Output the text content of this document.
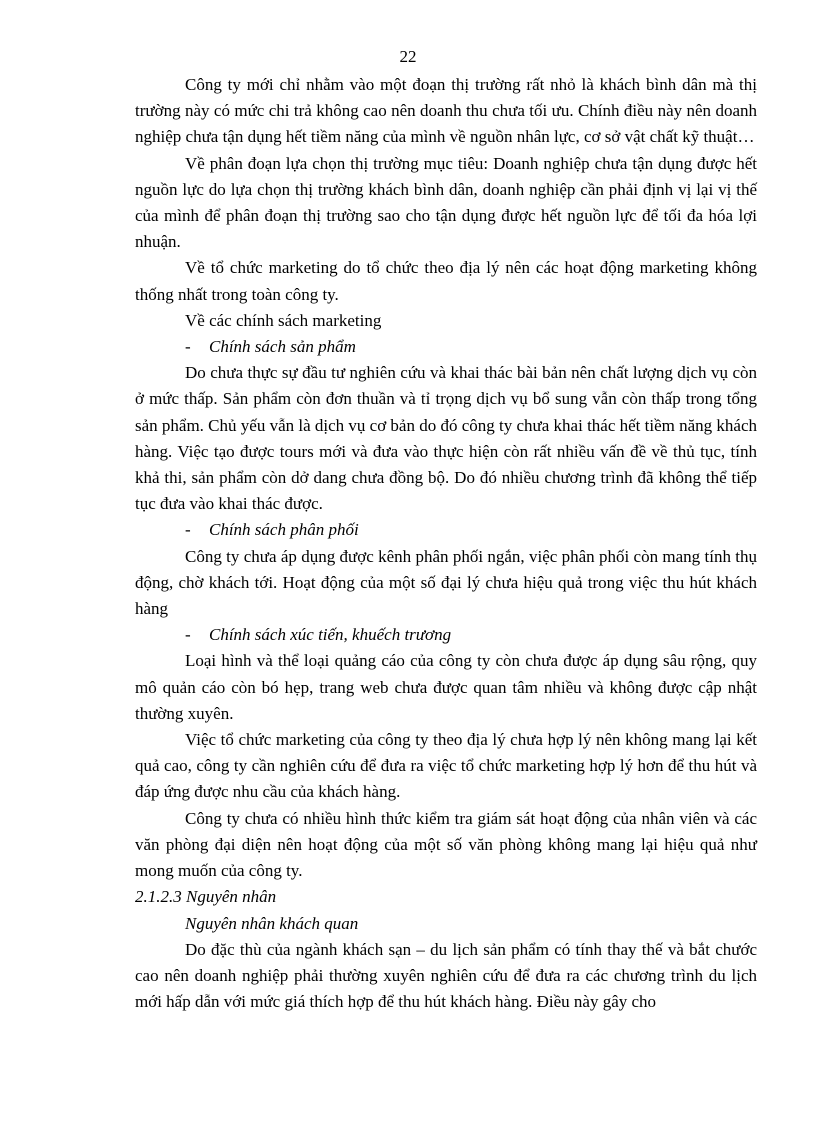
22

Công ty mới chỉ nhằm vào một đoạn thị trường rất nhỏ là khách bình dân mà thị trường này có mức chi trả không cao nên doanh thu chưa tối ưu. Chính điều này nên doanh nghiệp chưa tận dụng hết tiềm năng của mình về nguồn nhân lực, cơ sở vật chất kỹ thuật…

Về phân đoạn lựa chọn thị trường mục tiêu: Doanh nghiệp chưa tận dụng được hết nguồn lực do lựa chọn thị trường khách bình dân, doanh nghiệp cần phải định vị lại vị thế của mình để phân đoạn thị trường sao cho tận dụng được hết nguồn lực để tối đa hóa lợi nhuận.

Về tổ chức marketing do tổ chức theo địa lý nên các hoạt động marketing không thống nhất trong toàn công ty.

Về các chính sách marketing

- Chính sách sản phẩm

Do chưa thực sự đầu tư nghiên cứu và khai thác bài bản nên chất lượng dịch vụ còn ở mức thấp. Sản phẩm còn đơn thuần và tỉ trọng dịch vụ bổ sung vẫn còn thấp trong tổng sản phẩm. Chủ yếu vẫn là dịch vụ cơ bản do đó công ty chưa khai thác hết tiềm năng khách hàng. Việc tạo được tours mới và đưa vào thực hiện còn rất nhiều vấn đề về thủ tục, tính khả thi, sản phẩm còn dở dang chưa đồng bộ. Do đó nhiều chương trình đã không thể tiếp tục đưa vào khai thác được.

- Chính sách phân phối

Công ty chưa áp dụng được kênh phân phối ngắn, việc phân phối còn mang tính thụ động, chờ khách tới. Hoạt động của một số đại lý chưa hiệu quả trong việc thu hút khách hàng

- Chính sách xúc tiến, khuếch trương

Loại hình và thể loại quảng cáo của công ty còn chưa được áp dụng sâu rộng, quy mô quản cáo còn bó hẹp, trang web chưa được quan tâm nhiều và không được cập nhật thường xuyên.

Việc tổ chức marketing của công ty theo địa lý chưa hợp lý nên không mang lại kết quả cao, công ty cần nghiên cứu để đưa ra việc tổ chức marketing hợp lý hơn để thu hút và đáp ứng được nhu cầu của khách hàng.

Công ty chưa có nhiều hình thức kiểm tra giám sát hoạt động của nhân viên và các văn phòng đại diện nên hoạt động của một số văn phòng không mang lại hiệu quả như mong muốn của công ty.

2.1.2.3 Nguyên nhân

Nguyên nhân khách quan

Do đặc thù của ngành khách sạn – du lịch sản phẩm có tính thay thế và bắt chước cao nên doanh nghiệp phải thường xuyên nghiên cứu để đưa ra các chương trình du lịch mới hấp dẫn với mức giá thích hợp để thu hút khách hàng. Điều này gây cho
